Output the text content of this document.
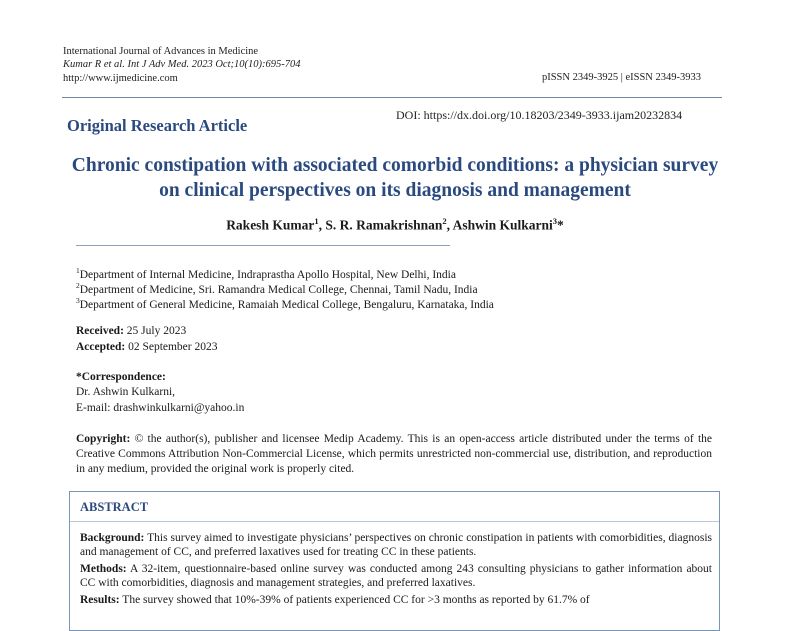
International Journal of Advances in Medicine
Kumar R et al. Int J Adv Med. 2023 Oct;10(10):695-704
http://www.ijmedicine.com	pISSN 2349-3925 | eISSN 2349-3933
Original Research Article
DOI: https://dx.doi.org/10.18203/2349-3933.ijam20232834
Chronic constipation with associated comorbid conditions: a physician survey on clinical perspectives on its diagnosis and management
Rakesh Kumar$^1$, S. R. Ramakrishnan$^2$, Ashwin Kulkarni$^3$*
$^1$Department of Internal Medicine, Indraprastha Apollo Hospital, New Delhi, India
$^2$Department of Medicine, Sri. Ramandra Medical College, Chennai, Tamil Nadu, India
$^3$Department of General Medicine, Ramaiah Medical College, Bengaluru, Karnataka, India
Received: 25 July 2023
Accepted: 02 September 2023
*Correspondence:
Dr. Ashwin Kulkarni,
E-mail: drashwinkulkarni@yahoo.in
Copyright: © the author(s), publisher and licensee Medip Academy. This is an open-access article distributed under the terms of the Creative Commons Attribution Non-Commercial License, which permits unrestricted non-commercial use, distribution, and reproduction in any medium, provided the original work is properly cited.
ABSTRACT
Background: This survey aimed to investigate physicians’ perspectives on chronic constipation in patients with comorbidities, diagnosis and management of CC, and preferred laxatives used for treating CC in these patients.
Methods: A 32-item, questionnaire-based online survey was conducted among 243 consulting physicians to gather information about CC with comorbidities, diagnosis and management strategies, and preferred laxatives.
Results: The survey showed that 10%-39% of patients experienced CC for >3 months as reported by 61.7% of
